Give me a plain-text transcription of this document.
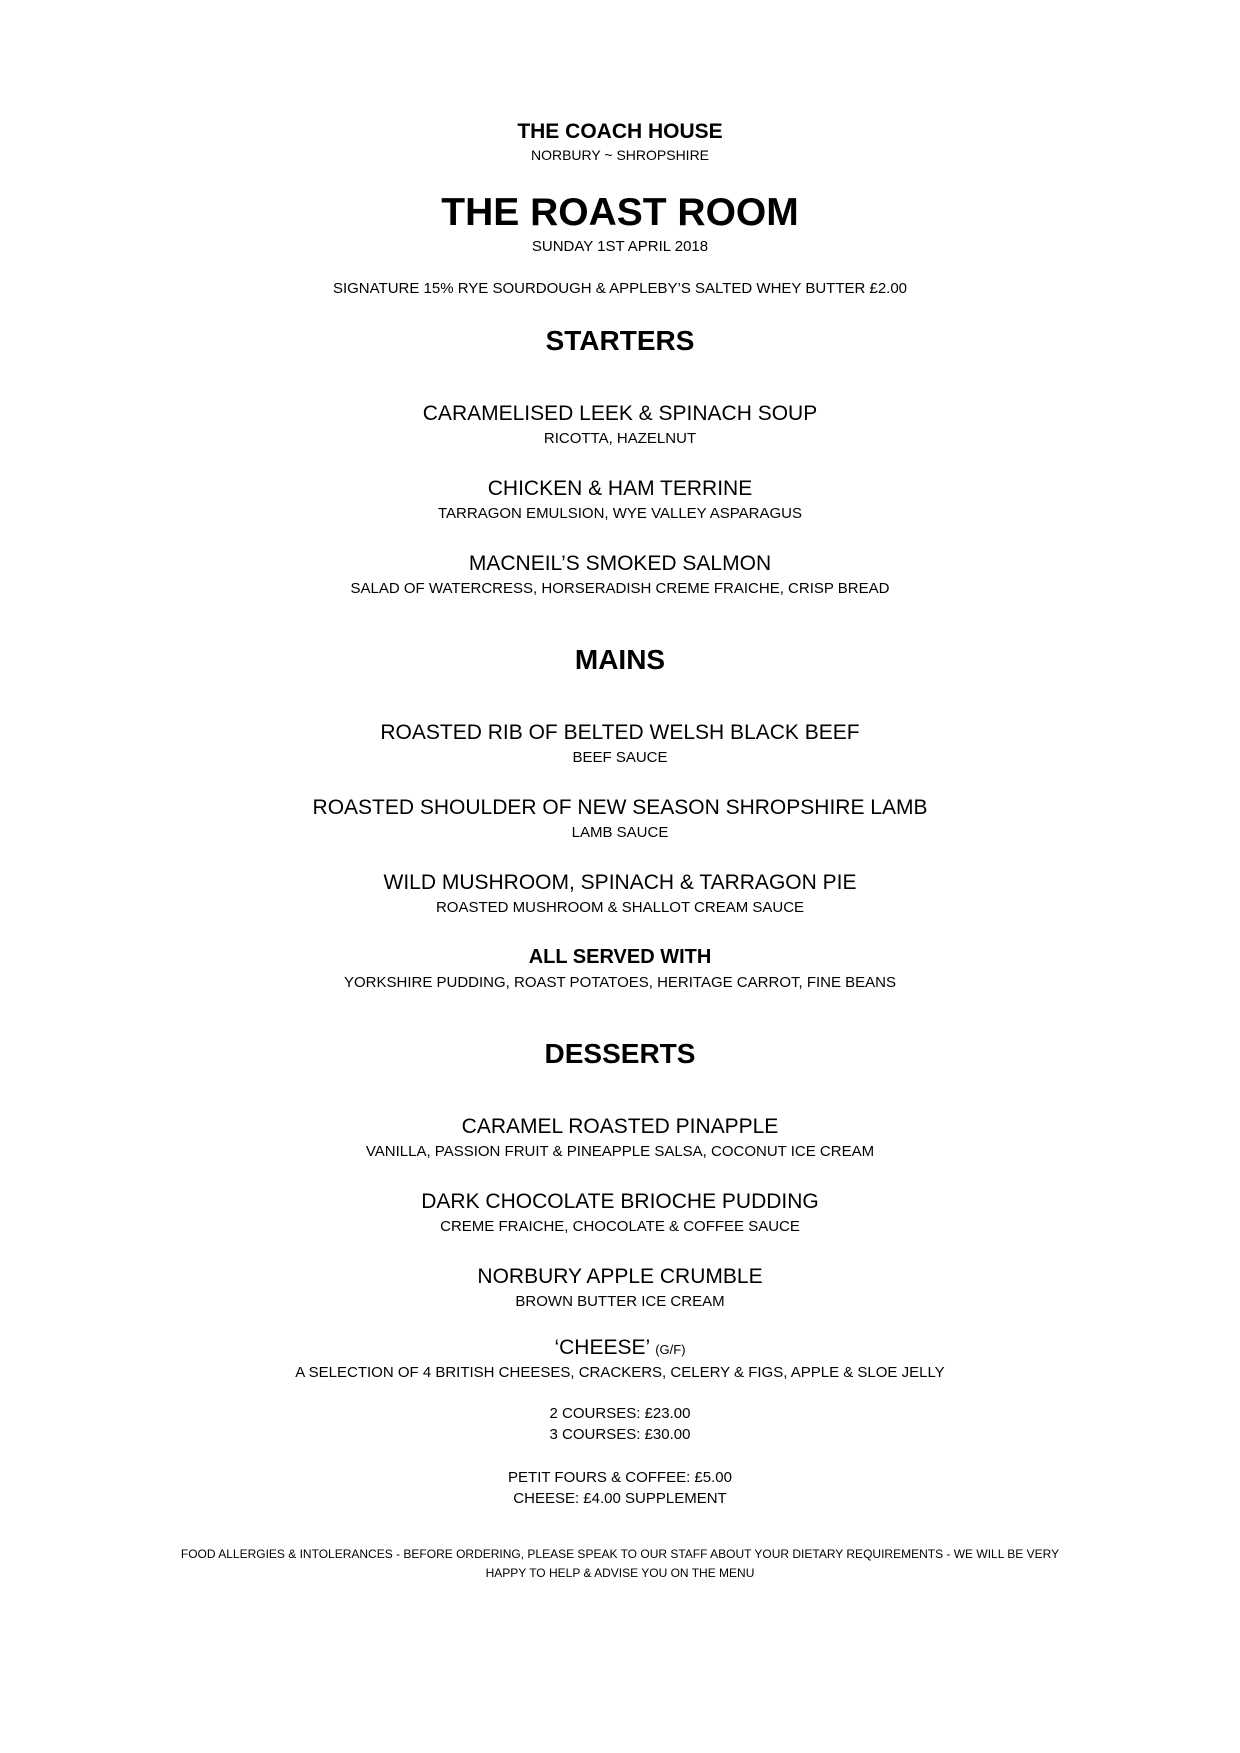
THE COACH HOUSE
NORBURY ~ SHROPSHIRE
THE ROAST ROOM
SUNDAY 1ST APRIL 2018
SIGNATURE 15% RYE SOURDOUGH & APPLEBY’S SALTED WHEY BUTTER £2.00
STARTERS
CARAMELISED LEEK & SPINACH SOUP
RICOTTA, HAZELNUT
CHICKEN & HAM TERRINE
TARRAGON EMULSION, WYE VALLEY ASPARAGUS
MACNEIL’S SMOKED SALMON
SALAD OF WATERCRESS, HORSERADISH CREME FRAICHE, CRISP BREAD
MAINS
ROASTED RIB OF BELTED WELSH BLACK BEEF
BEEF SAUCE
ROASTED SHOULDER OF NEW SEASON SHROPSHIRE LAMB
LAMB SAUCE
WILD MUSHROOM, SPINACH & TARRAGON PIE
ROASTED MUSHROOM & SHALLOT CREAM SAUCE
ALL SERVED WITH
YORKSHIRE PUDDING, ROAST POTATOES, HERITAGE CARROT, FINE BEANS
DESSERTS
CARAMEL ROASTED PINAPPLE
VANILLA, PASSION FRUIT & PINEAPPLE SALSA, COCONUT ICE CREAM
DARK CHOCOLATE BRIOCHE PUDDING
CREME FRAICHE, CHOCOLATE & COFFEE SAUCE
NORBURY APPLE CRUMBLE
BROWN BUTTER ICE CREAM
‘CHEESE’ (G/F)
A SELECTION OF 4 BRITISH CHEESES, CRACKERS, CELERY & FIGS, APPLE & SLOE JELLY
2 COURSES: £23.00
3 COURSES: £30.00
PETIT FOURS & COFFEE: £5.00
CHEESE: £4.00 SUPPLEMENT
FOOD ALLERGIES & INTOLERANCES - BEFORE ORDERING, PLEASE SPEAK TO OUR STAFF ABOUT YOUR DIETARY REQUIREMENTS - WE WILL BE VERY
HAPPY TO HELP & ADVISE YOU ON THE MENU
